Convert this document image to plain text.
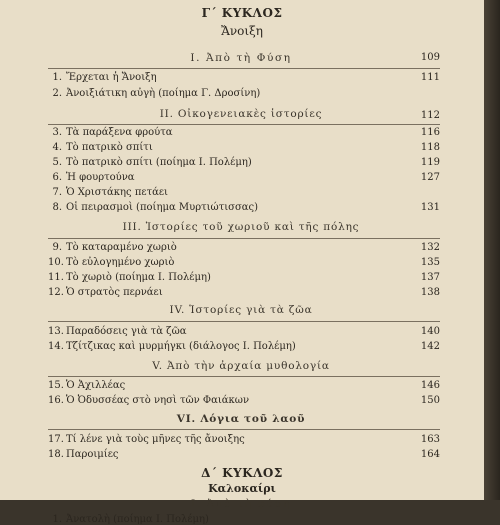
Γ΄ ΚΥΚΛΟΣ
Ἄνοιξη
I. Ἀπὸ τὴ Φύση	109
1. Ἔρχεται ἡ Ἄνοιξη	111
2. Ἀνοιξιάτικη αὐγὴ (ποίημα Γ. Δροσίνη)
II. Οἰκογενειακὲς ἱστορίες	112
3. Τὰ παράξενα φρούτα	116
4. Τὸ πατρικὸ σπίτι	118
5. Τὸ πατρικὸ σπίτι (ποίημα Ι. Πολέμη)	119
6. Ἡ φουρτούνα	127
7. Ὁ Χριστάκης πετάει
8. Οἱ πειρασμοὶ (ποίημα Μυρτιώτισσας)	131
III. Ἱστορίες τοῦ χωριοῦ καὶ τῆς πόλης
9. Τὸ καταραμένο χωριὸ	132
10. Τὸ εὐλογημένο χωριὸ	135
11. Τὸ χωριὸ (ποίημα Ι. Πολέμη)	137
12. Ὁ στρατὸς περνάει	138
IV. Ἱστορίες γιὰ τὰ ζῶα
13. Παραδόσεις γιὰ τὰ ζῶα	140
14. Τζίτζικας καὶ μυρμήγκι (διάλογος Ι. Πολέμη)	142
V. Ἀπὸ τὴν ἀρχαία μυθολογία
15. Ὁ Ἀχιλλέας	146
16. Ὁ Ὀδυσσέας στὸ νησὶ τῶν Φαιάκων	150
VI. Λόγια τοῦ λαοῦ
17. Τί λένε γιὰ τοὺς μῆνες τῆς ἄνοιξης	163
18. Παροιμίες	164
Δ΄ ΚΥΚΛΟΣ
Καλοκαίρι
I. Ἀπὸ τὴ φύση
1. Ἀνατολὴ (ποίημα Ι. Πολέμη)
